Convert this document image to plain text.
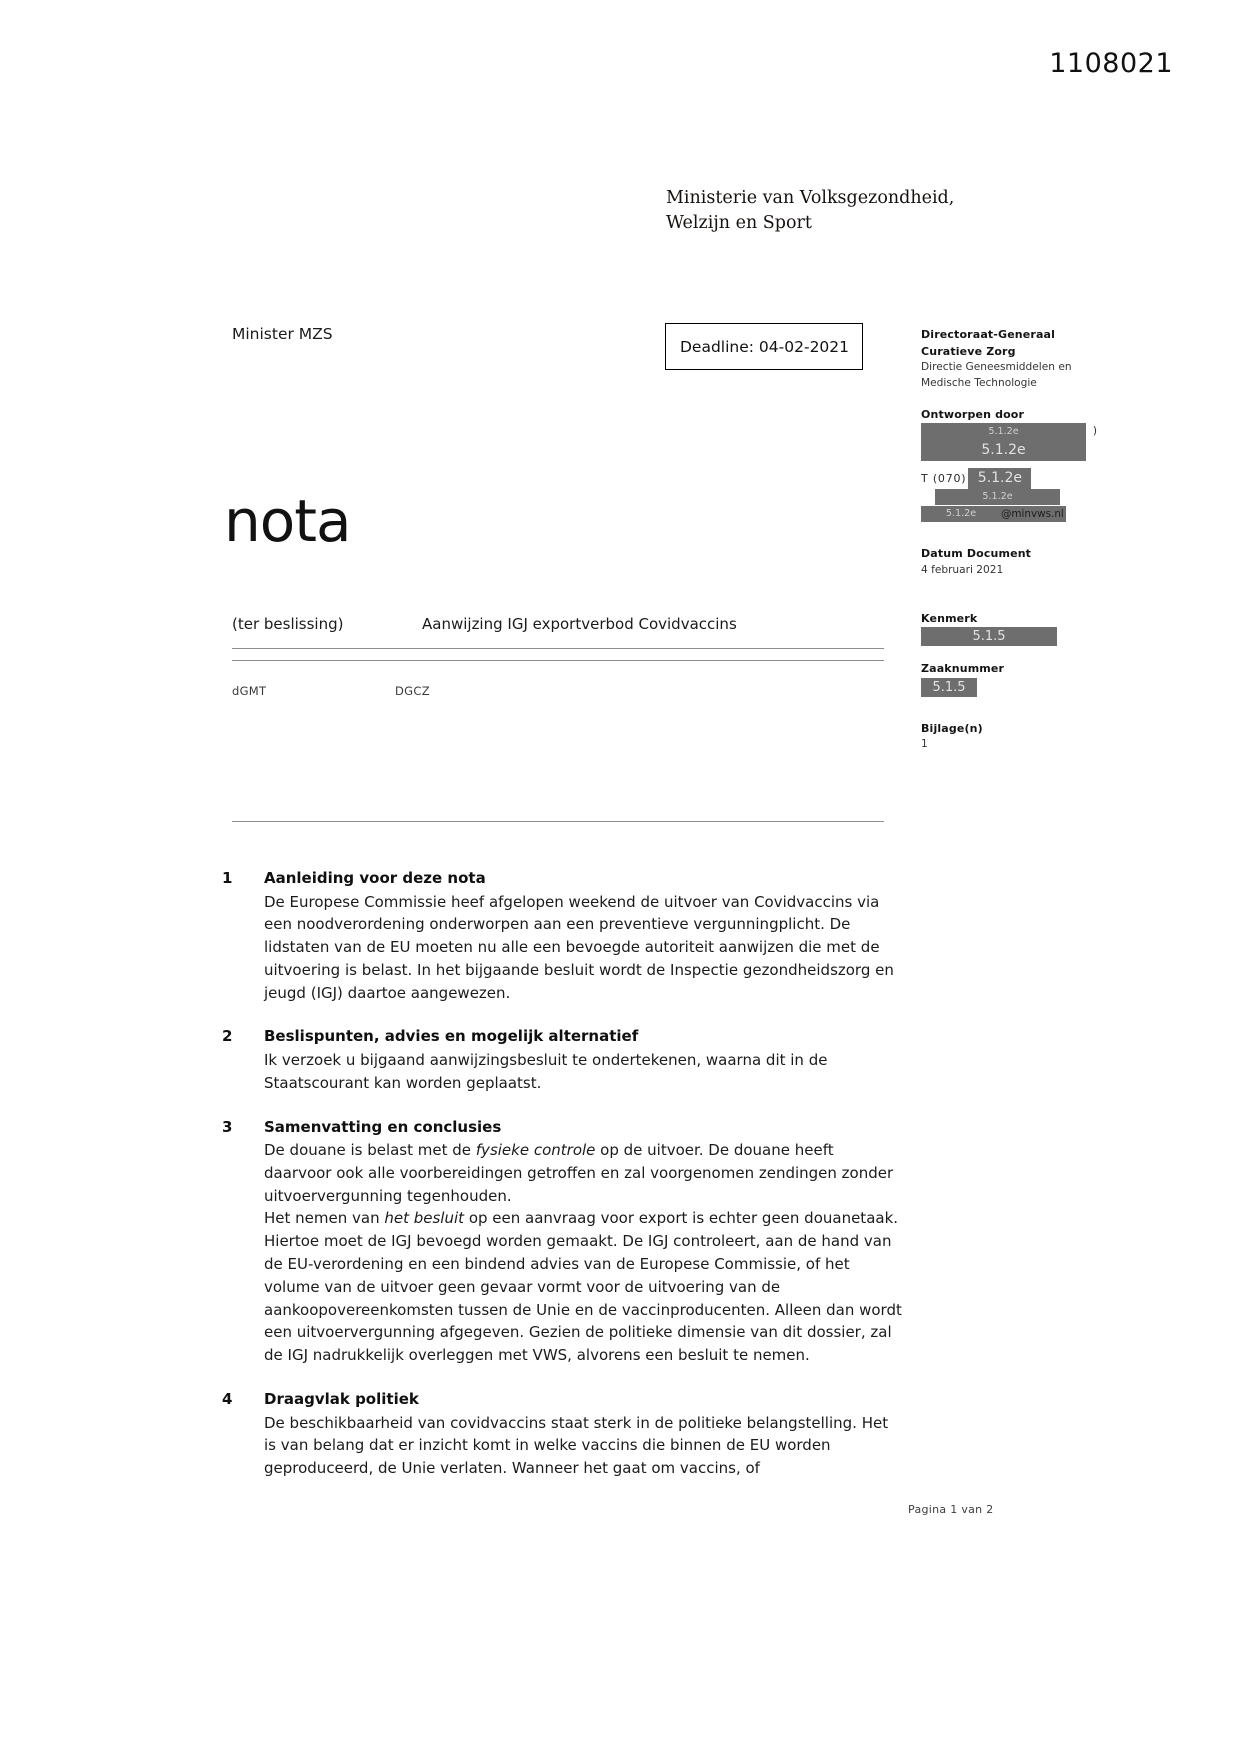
1108021
Ministerie van Volksgezondheid,
Welzijn en Sport
Minister MZS
Deadline: 04-02-2021
Directoraat-Generaal
Curatieve Zorg
Directie Geneesmiddelen en
Medische Technologie
Ontworpen door
5.1.2e	)
5.1.2e
T (070) 5.1.2e
5.1.2e
5.1.2e	@minvws.nl
Datum Document
4 februari 2021
Kenmerk
5.1.5
Zaaknummer
5.1.5
Bijlage(n)
1
nota
(ter beslissing)	Aanwijzing IGJ exportverbod Covidvaccins
dGMT	DGCZ
1	Aanleiding voor deze nota

De Europese Commissie heef afgelopen weekend de uitvoer van Covidvaccins via een noodverordening onderworpen aan een preventieve vergunningplicht. De lidstaten van de EU moeten nu alle een bevoegde autoriteit aanwijzen die met de uitvoering is belast. In het bijgaande besluit wordt de Inspectie gezondheidszorg en jeugd (IGJ) daartoe aangewezen.

2	Beslispunten, advies en mogelijk alternatief

Ik verzoek u bijgaand aanwijzingsbesluit te ondertekenen, waarna dit in de Staatscourant kan worden geplaatst.

3	Samenvatting en conclusies

De douane is belast met de fysieke controle op de uitvoer. De douane heeft daarvoor ook alle voorbereidingen getroffen en zal voorgenomen zendingen zonder uitvoervergunning tegenhouden.

Het nemen van het besluit op een aanvraag voor export is echter geen douanetaak. Hiertoe moet de IGJ bevoegd worden gemaakt. De IGJ controleert, aan de hand van de EU-verordening en een bindend advies van de Europese Commissie, of het volume van de uitvoer geen gevaar vormt voor de uitvoering van de aankoopovereenkomsten tussen de Unie en de vaccinproducenten. Alleen dan wordt een uitvoervergunning afgegeven. Gezien de politieke dimensie van dit dossier, zal de IGJ nadrukkelijk overleggen met VWS, alvorens een besluit te nemen.

4	Draagvlak politiek

De beschikbaarheid van covidvaccins staat sterk in de politieke belangstelling. Het is van belang dat er inzicht komt in welke vaccins die binnen de EU worden geproduceerd, de Unie verlaten. Wanneer het gaat om vaccins, of

Pagina 1 van 2
